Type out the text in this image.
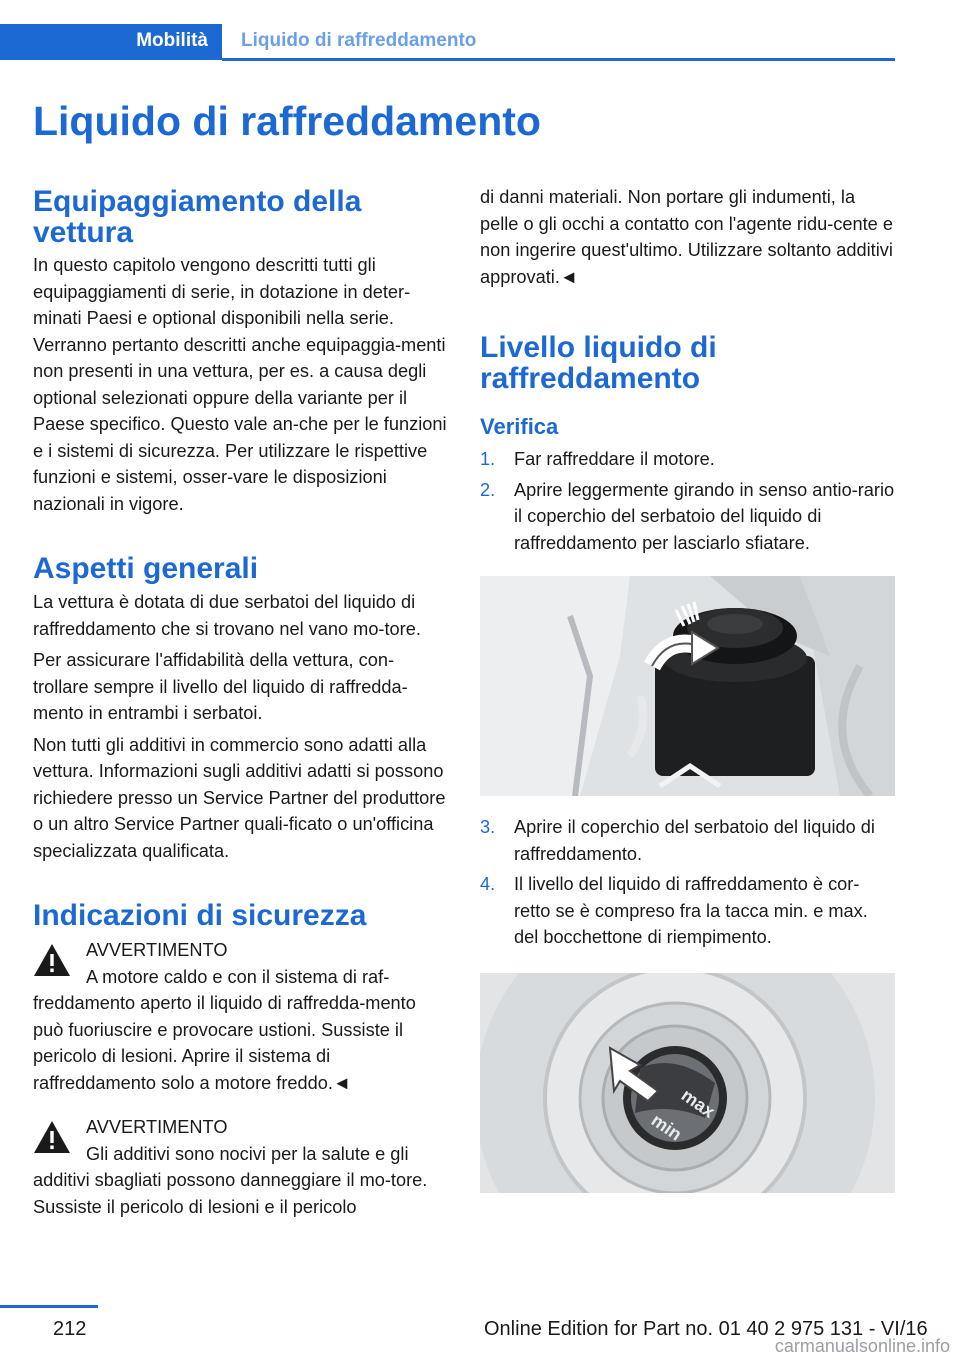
Mobilità	Liquido di raffreddamento
Liquido di raffreddamento
Equipaggiamento della vettura

In questo capitolo vengono descritti tutti gli equipaggiamenti di serie, in dotazione in deter-minati Paesi e optional disponibili nella serie. Verranno pertanto descritti anche equipaggia-menti non presenti in una vettura, per es. a causa degli optional selezionati oppure della variante per il Paese specifico. Questo vale an-che per le funzioni e i sistemi di sicurezza. Per utilizzare le rispettive funzioni e sistemi, osser-vare le disposizioni nazionali in vigore.

Aspetti generali

La vettura è dotata di due serbatoi del liquido di raffreddamento che si trovano nel vano mo-tore.

Per assicurare l'affidabilità della vettura, con-trollare sempre il livello del liquido di raffredda-mento in entrambi i serbatoi.

Non tutti gli additivi in commercio sono adatti alla vettura. Informazioni sugli additivi adatti si possono richiedere presso un Service Partner del produttore o un altro Service Partner quali-ficato o un'officina specializzata qualificata.

Indicazioni di sicurezza
AVVERTIMENTO
A motore caldo e con il sistema di raf-
freddamento aperto il liquido di raffredda-mento può fuoriuscire e provocare ustioni. Sussiste il pericolo di lesioni. Aprire il sistema di raffreddamento solo a motore freddo.◄
AVVERTIMENTO
Gli additivi sono nocivi per la salute e gli
additivi sbagliati possono danneggiare il mo-tore. Sussiste il pericolo di lesioni e il pericolo

di danni materiali. Non portare gli indumenti, la pelle o gli occhi a contatto con l'agente ridu-cente e non ingerire quest'ultimo. Utilizzare soltanto additivi approvati.◄

Livello liquido di raffreddamento
Verifica
1. Far raffreddare il motore.
2. Aprire leggermente girando in senso antio-rario il coperchio del serbatoio del liquido di raffreddamento per lasciarlo sfiatare.
3. Aprire il coperchio del serbatoio del liquido di raffreddamento.
4. Il livello del liquido di raffreddamento è cor-retto se è compreso fra la tacca min. e max. del bocchettone di riempimento.
max
min
212	Online Edition for Part no. 01 40 2 975 131 - VI/16
carmanualsonline.info
